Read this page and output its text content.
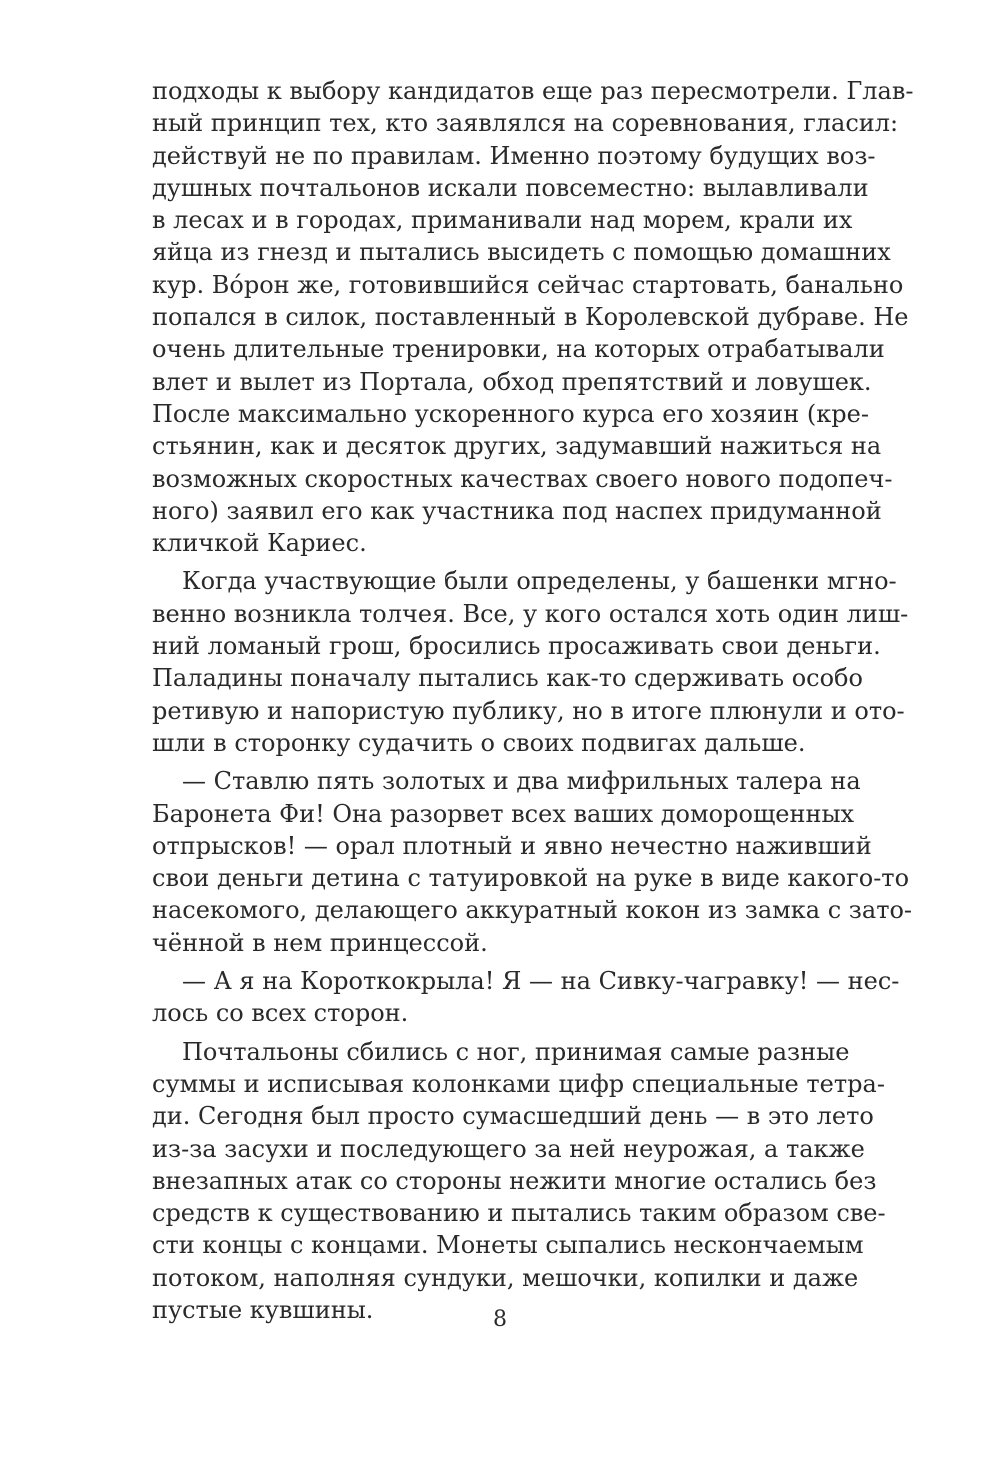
подходы к выбору кандидатов еще раз пересмотрели. Глав-
ный принцип тех, кто заявлялся на соревнования, гласил:
действуй не по правилам. Именно поэтому будущих воз-
душных почтальонов искали повсеместно: вылавливали
в лесах и в городах, приманивали над морем, крали их
яйца из гнезд и пытались высидеть с помощью домашних
кур. Во́рон же, готовившийся сейчас стартовать, банально
попался в силок, поставленный в Королевской дубраве. Не
очень длительные тренировки, на которых отрабатывали
влет и вылет из Портала, обход препятствий и ловушек.
После максимально ускоренного курса его хозяин (кре-
стьянин, как и десяток других, задумавший нажиться на
возможных скоростных качествах своего нового подопеч-
ного) заявил его как участника под наспех придуманной
кличкой Кариес.
Когда участвующие были определены, у башенки мгно-
венно возникла толчея. Все, у кого остался хоть один лиш-
ний ломаный грош, бросились просаживать свои деньги.
Паладины поначалу пытались как-то сдерживать особо
ретивую и напористую публику, но в итоге плюнули и ото-
шли в сторонку судачить о своих подвигах дальше.
— Ставлю пять золотых и два мифрильных талера на
Баронета Фи! Она разорвет всех ваших доморощенных
отпрысков! — орал плотный и явно нечестно наживший
свои деньги детина с татуировкой на руке в виде какого-то
насекомого, делающего аккуратный кокон из замка с зато-
чённой в нем принцессой.
— А я на Короткокрыла! Я — на Сивку-чагравку! — нес-
лось со всех сторон.
Почтальоны сбились с ног, принимая самые разные
суммы и исписывая колонками цифр специальные тетра-
ди. Сегодня был просто сумасшедший день — в это лето
из-за засухи и последующего за ней неурожая, а также
внезапных атак со стороны нежити многие остались без
средств к существованию и пытались таким образом све-
сти концы с концами. Монеты сыпались нескончаемым
потоком, наполняя сундуки, мешочки, копилки и даже
пустые кувшины.	8
